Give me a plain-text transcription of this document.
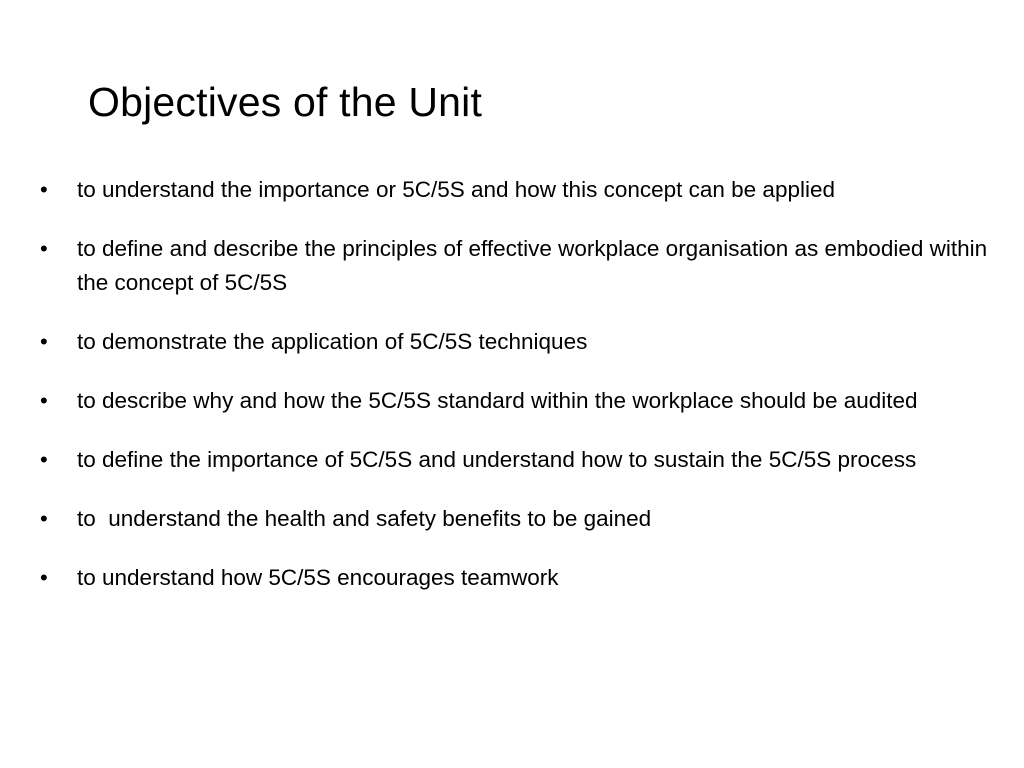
Objectives of the Unit
• to understand the importance or 5C/5S and how this concept can be applied
• to define and describe the principles of effective workplace organisation as embodied within the concept of 5C/5S
• to demonstrate the application of 5C/5S techniques
• to describe why and how the 5C/5S standard within the workplace should be audited
• to define the importance of 5C/5S and understand how to sustain the 5C/5S process
• to  understand the health and safety benefits to be gained
• to understand how 5C/5S encourages teamwork
